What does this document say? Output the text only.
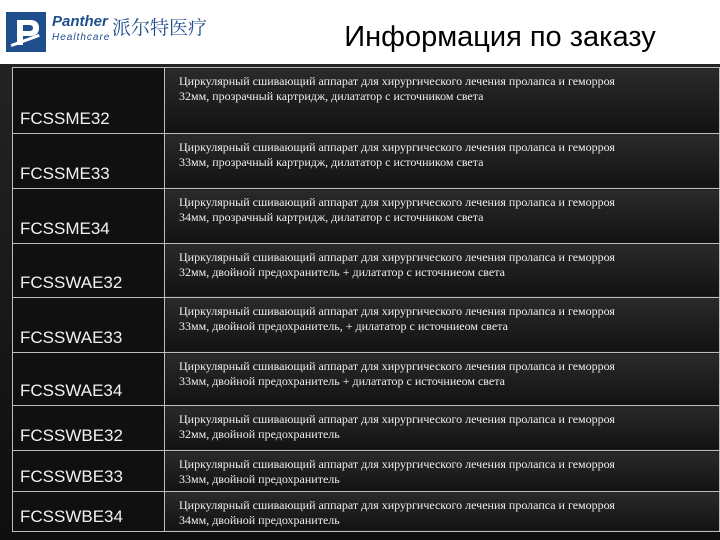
Panther
Healthcare 派尔特医疗	Информация по заказу
FCSSME32	Циркулярный сшивающий аппарат для хирургического лечения пролапса и геморроя
32мм, прозрачный картридж, дилататор с источником света

FCSSME33	Циркулярный сшивающий аппарат для хирургического лечения пролапса и геморроя
33мм, прозрачный картридж, дилататор с источником света

FCSSME34	Циркулярный сшивающий аппарат для хирургического лечения пролапса и геморроя
34мм, прозрачный картридж, дилататор с источником света

FCSSWAE32	Циркулярный сшивающий аппарат для хирургического лечения пролапса и геморроя
32мм, двойной предохранитель + дилататор с источниеом света

FCSSWAE33	Циркулярный сшивающий аппарат для хирургического лечения пролапса и геморроя
33мм, двойной предохранитель, + дилататор с источниеом света

FCSSWAE34	Циркулярный сшивающий аппарат для хирургического лечения пролапса и геморроя
33мм, двойной предохранитель + дилататор с источниеом света

FCSSWBE32	Циркулярный сшивающий аппарат для хирургического лечения пролапса и геморроя
32мм, двойной предохранитель

FCSSWBE33	Циркулярный сшивающий аппарат для хирургического лечения пролапса и геморроя
33мм, двойной предохранитель

FCSSWBE34	Циркулярный сшивающий аппарат для хирургического лечения пролапса и геморроя
34мм, двойной предохранитель
